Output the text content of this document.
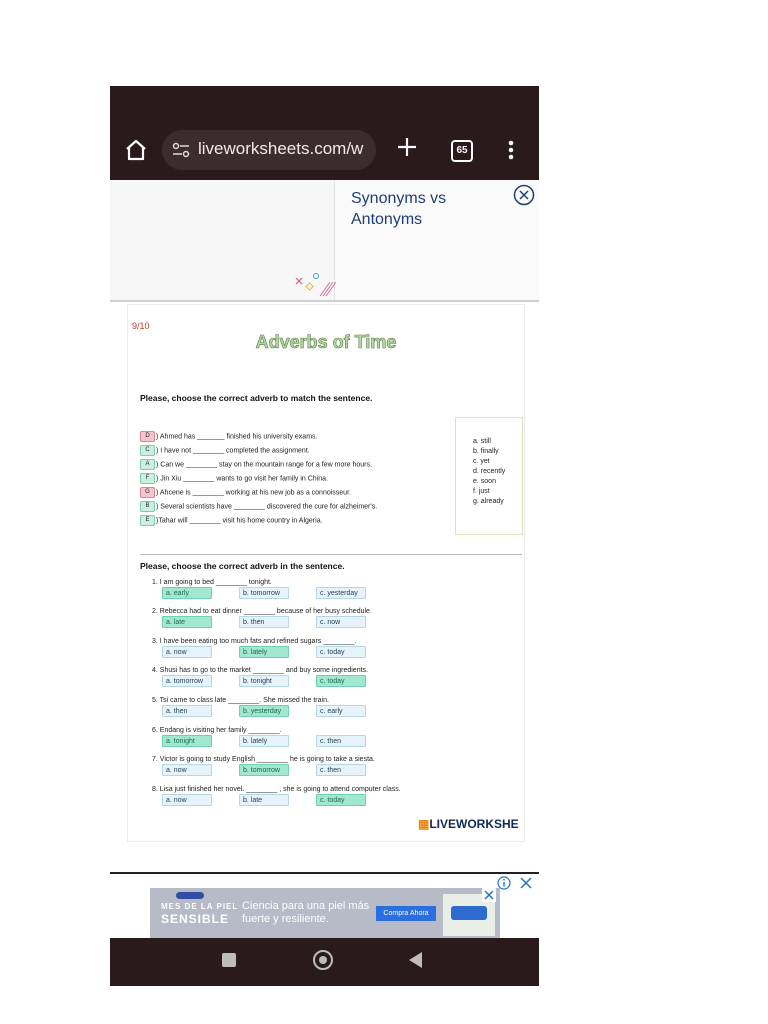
liveworksheets.com/w	65
Synonyms vs Antonyms
9/10
Adverbs of Time
Please, choose the correct adverb to match the sentence.
D ) Ahmed has _______ finished his university exams.
C ) I have not ________ completed the assignment.
A ) Can we ________ stay on the mountain range for a few more hours.
F ) Jin Xiu ________ wants to go visit her family in China.
G ) Ahcene is ________ working at his new job as a connoisseur.
B ) Several scientists have ________ discovered the cure for alzheimer's.
E )Tahar will ________ visit his home country in Algeria.
a. still
b. finally
c. yet
d. recently
e. soon
f. just
g. already
Please, choose the correct adverb in the sentence.
1. I am going to bed ________ tonight.
a. early	b. tomorrow	c. yesterday
2. Rebecca had to eat dinner ________ because of her busy schedule.
a. late	b. then	c. now
3. I have been eating too much fats and refined sugars ________.
a. now	b. lately	c. today
4. Shusi has to go to the market ________ and buy some ingredients.
a. tomorrow	b. tonight	c. today
5. Tsi came to class late ________. She missed the train.
a. then	b. yesterday	c. early
6. Endang is visiting her family ________.
a. tonight	b. lately	c. then
7. Victor is going to study English ________ he is going to take a siesta.
a. now	b. tomorrow	c. then
8. Lisa just finished her novel. ________ , she is going to attend computer class.
a. now	b. late	c. today
▦LIVEWORKSHE
MES DE LA PIEL
SENSIBLE
Ciencia para una piel más fuerte y resiliente.	Compra Ahora
